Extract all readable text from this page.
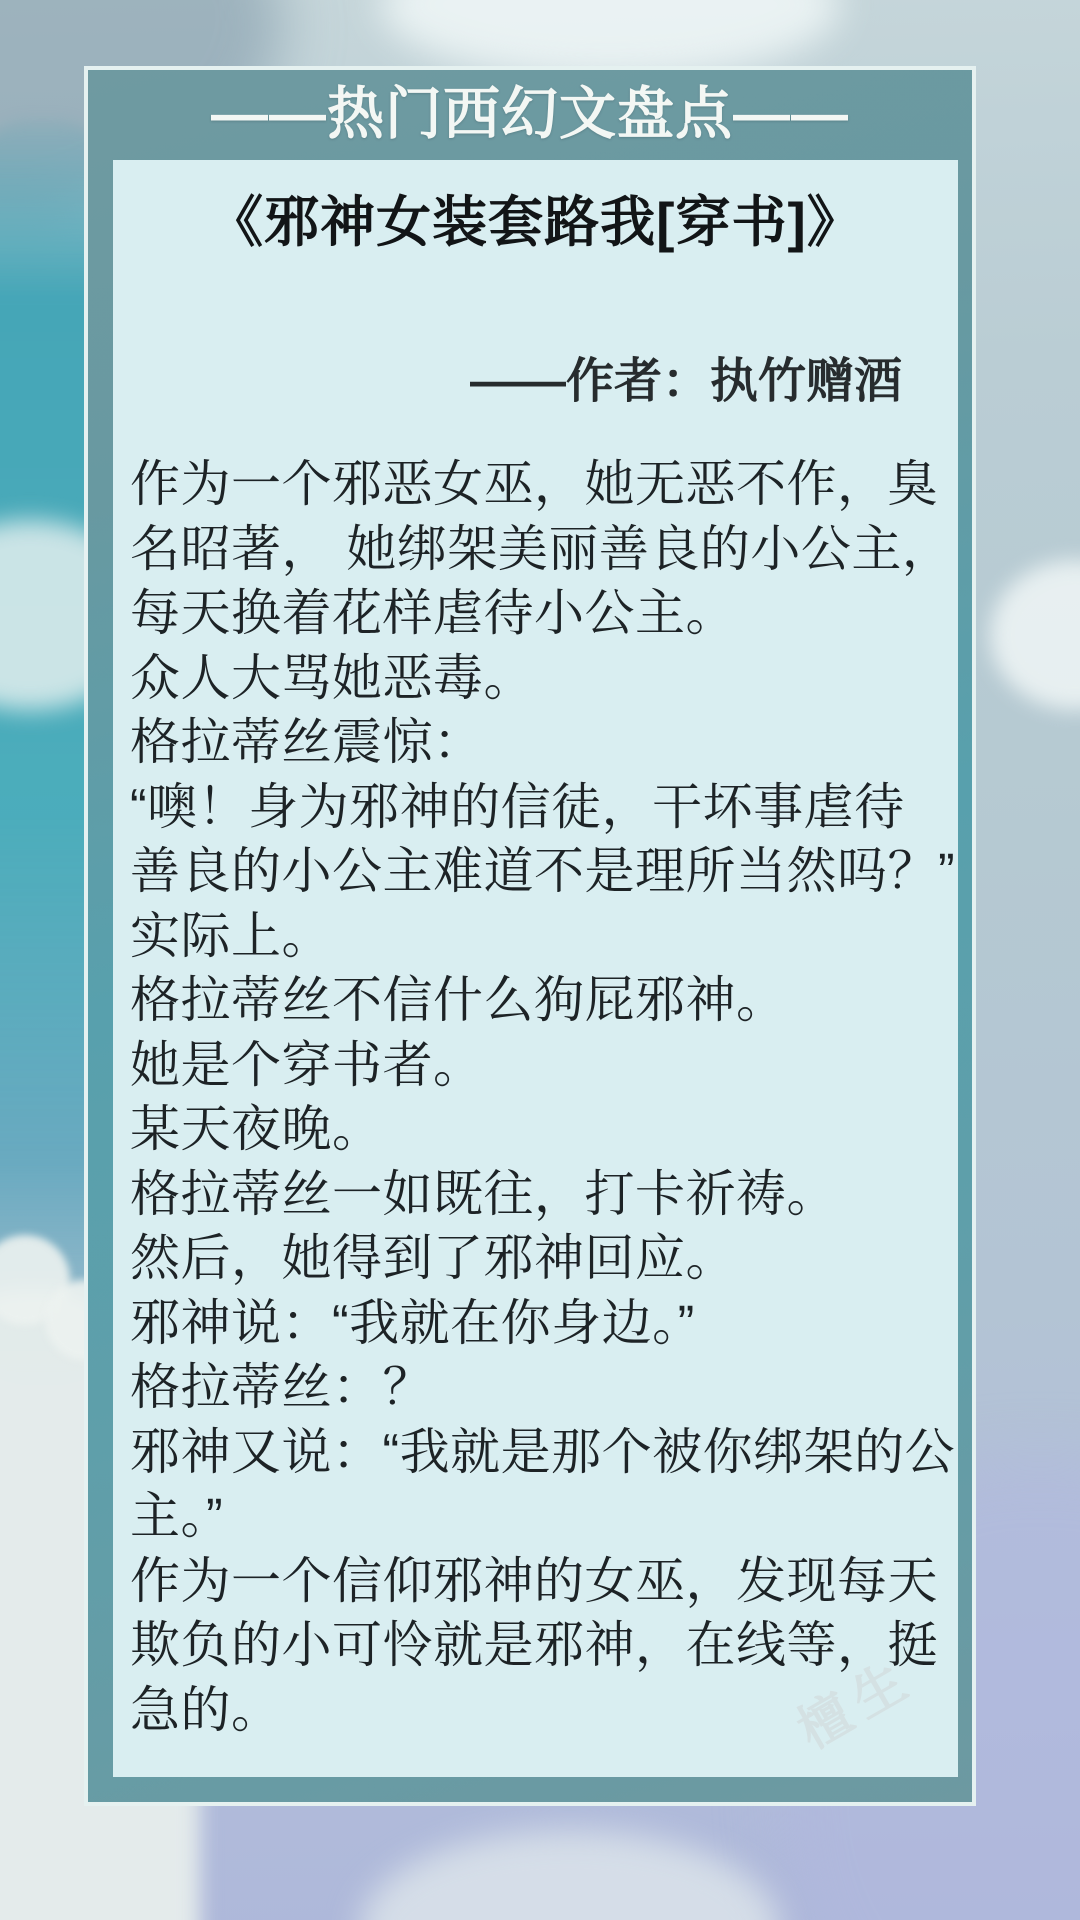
——热门西幻文盘点——
《邪神女装套路我[穿书]》
——作者：执竹赠酒
作为一个邪恶女巫，她无恶不作，臭
名昭著， 她绑架美丽善良的小公主，
每天换着花样虐待小公主。
众人大骂她恶毒。
格拉蒂丝震惊：
“噢！身为邪神的信徒，干坏事虐待
善良的小公主难道不是理所当然吗？”
实际上。
格拉蒂丝不信什么狗屁邪神。
她是个穿书者。
某天夜晚。
格拉蒂丝一如既往，打卡祈祷。
然后，她得到了邪神回应。
邪神说：“我就在你身边。”
格拉蒂丝：？
邪神又说：“我就是那个被你绑架的公
主。”
作为一个信仰邪神的女巫，发现每天
欺负的小可怜就是邪神，在线等，挺
急的。	檀生
